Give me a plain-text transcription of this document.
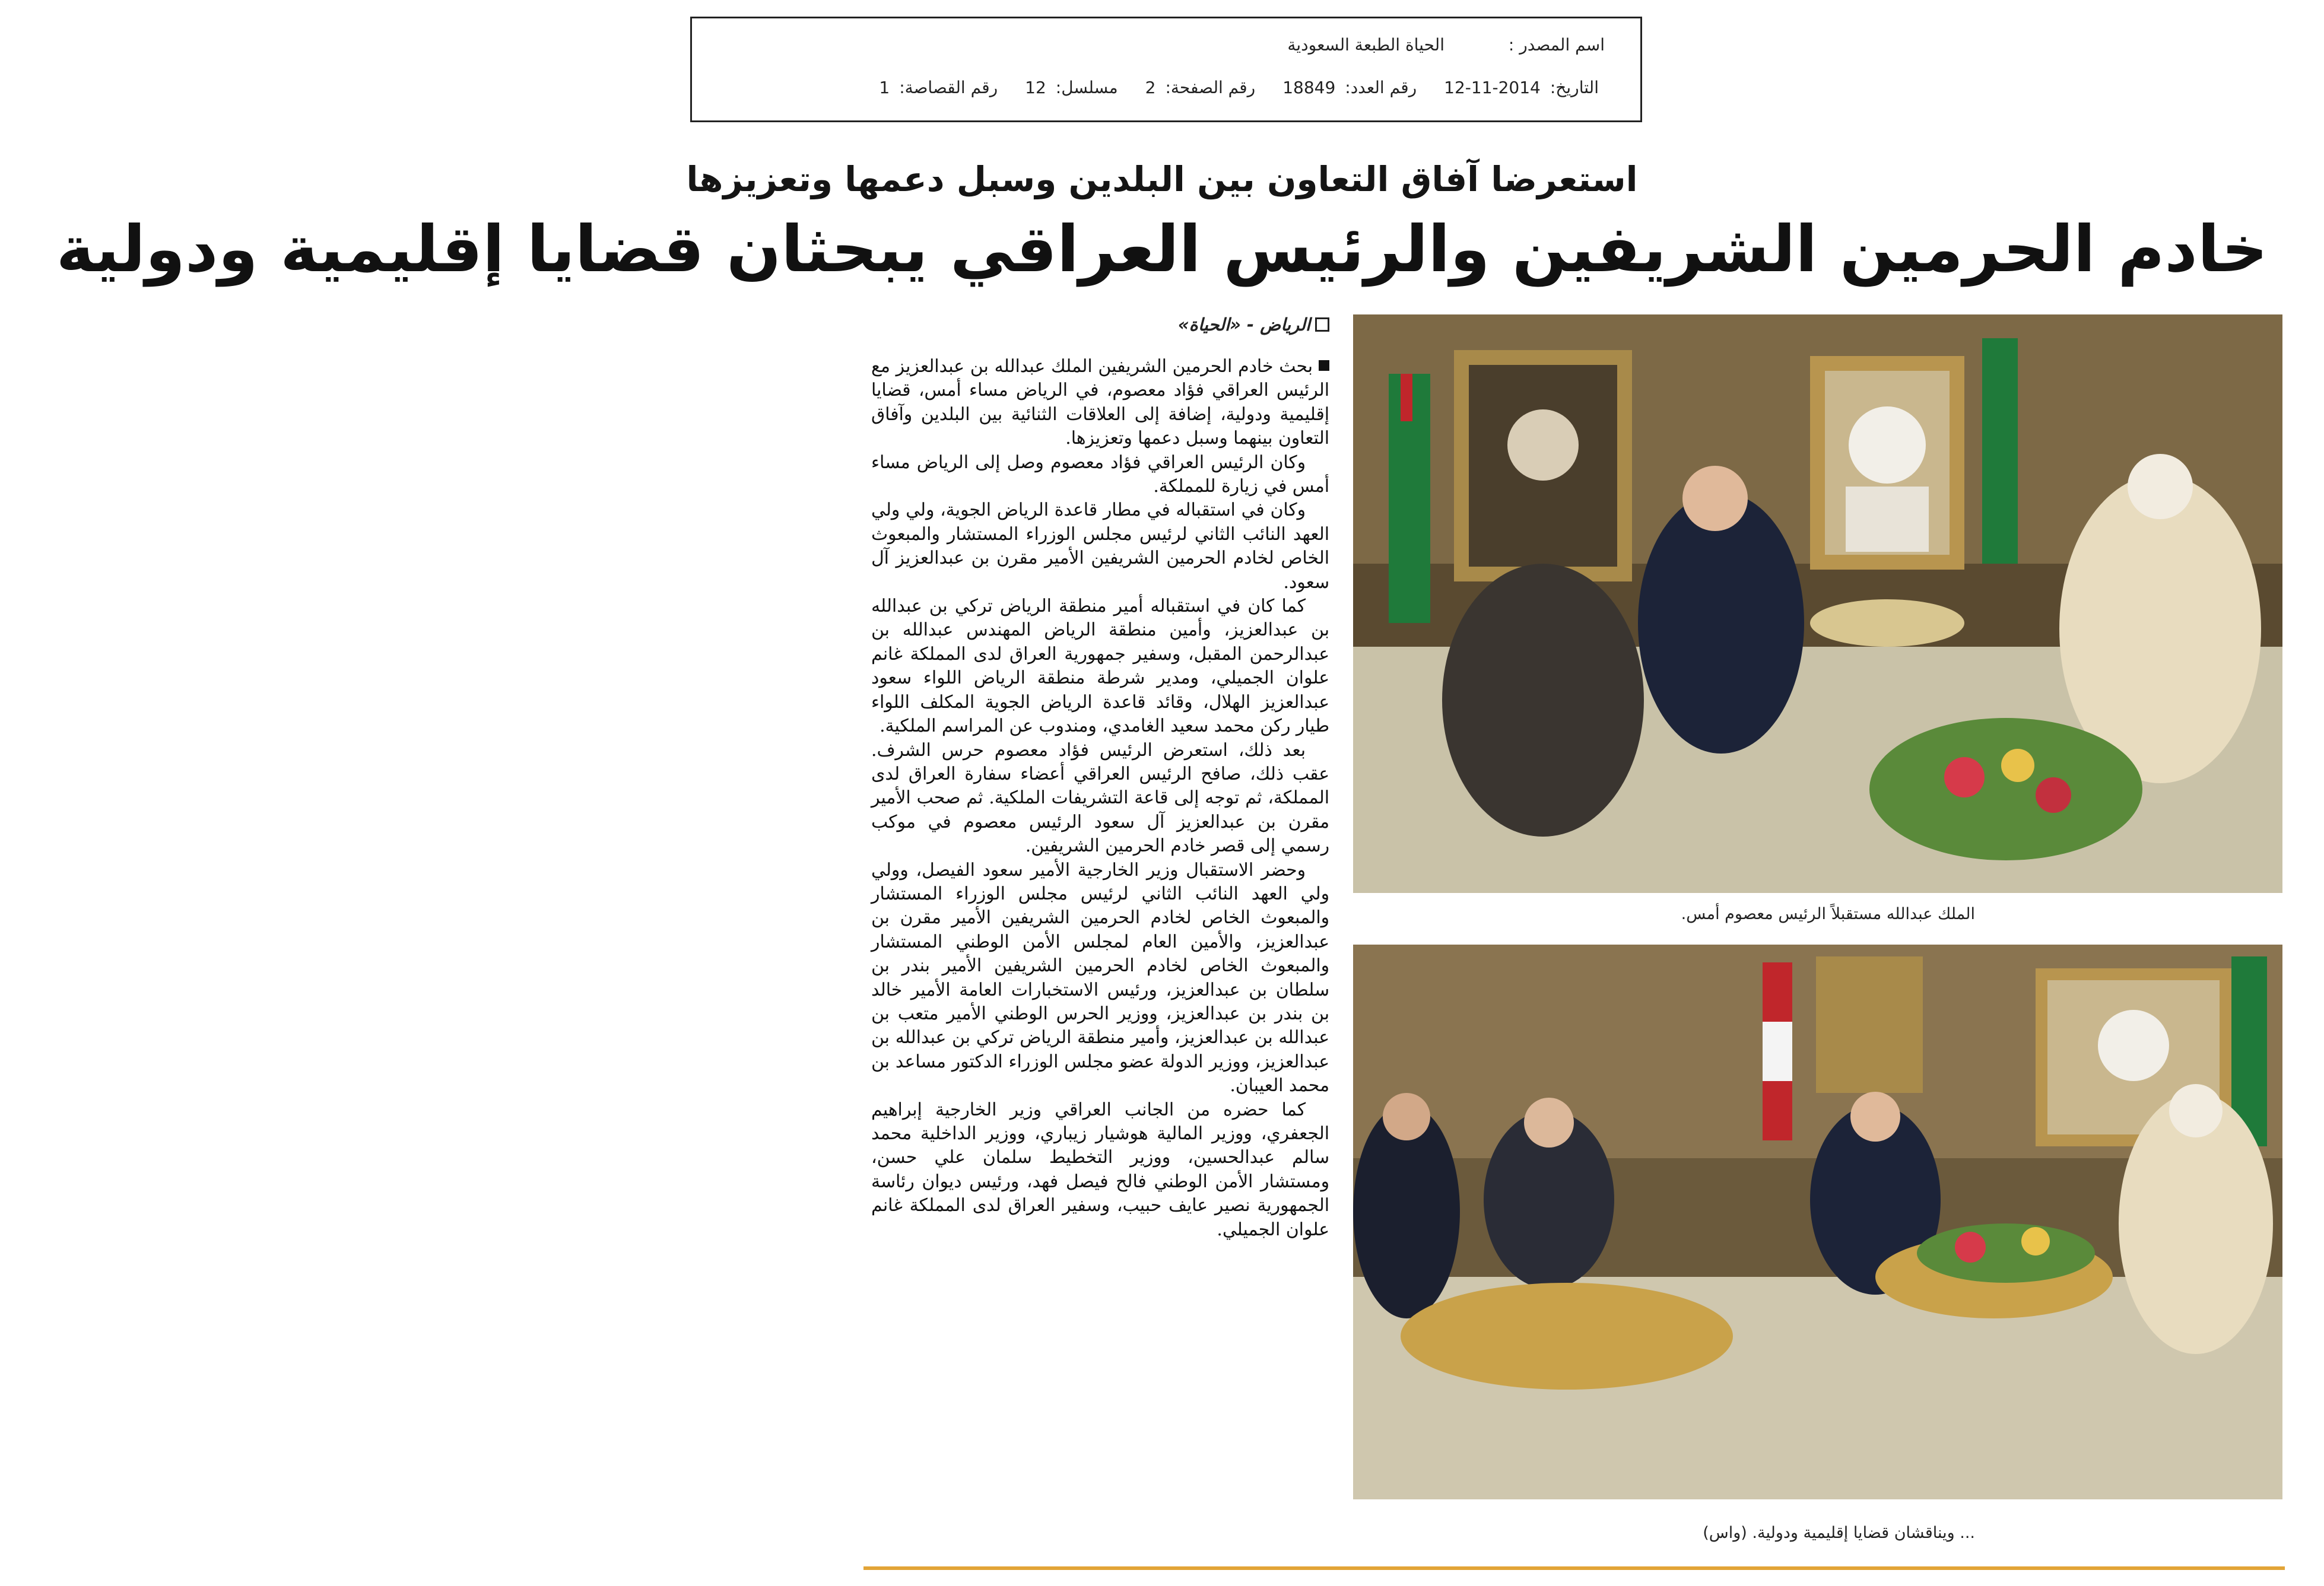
اسم المصدر :
الحياة الطبعة السعودية
التاريخ:
12-11-2014
رقم العدد:
18849
رقم الصفحة:
2
مسلسل:
12
رقم القصاصة:
1
استعرضا آفاق التعاون بين البلدين وسبل دعمها وتعزيزها
خادم الحرمين الشريفين والرئيس العراقي يبحثان قضايا إقليمية ودولية
الرياض - «الحياة»

بحث خادم الحرمين الشريفين الملك عبدالله بن عبدالعزيز مع الرئيس العراقي فؤاد معصوم، في الرياض مساء أمس، قضايا إقليمية ودولية، إضافة إلى العلاقات الثنائية بين البلدين وآفاق التعاون بينهما وسبل دعمها وتعزيزها.

وكان الرئيس العراقي فؤاد معصوم وصل إلى الرياض مساء أمس في زيارة للمملكة.

وكان في استقباله في مطار قاعدة الرياض الجوية، ولي ولي العهد النائب الثاني لرئيس مجلس الوزراء المستشار والمبعوث الخاص لخادم الحرمين الشريفين الأمير مقرن بن عبدالعزيز آل سعود.

كما كان في استقباله أمير منطقة الرياض تركي بن عبدالله بن عبدالعزيز، وأمين منطقة الرياض المهندس عبدالله بن عبدالرحمن المقبل، وسفير جمهورية العراق لدى المملكة غانم علوان الجميلي، ومدير شرطة منطقة الرياض اللواء سعود عبدالعزيز الهلال، وقائد قاعدة الرياض الجوية المكلف اللواء طيار ركن محمد سعيد الغامدي، ومندوب عن المراسم الملكية.

بعد ذلك، استعرض الرئيس فؤاد معصوم حرس الشرف. عقب ذلك، صافح الرئيس العراقي أعضاء سفارة العراق لدى المملكة، ثم توجه إلى قاعة التشريفات الملكية. ثم صحب الأمير مقرن بن عبدالعزيز آل سعود الرئيس معصوم في موكب رسمي إلى قصر خادم الحرمين الشريفين.

وحضر الاستقبال وزير الخارجية الأمير سعود الفيصل، وولي ولي العهد النائب الثاني لرئيس مجلس الوزراء المستشار والمبعوث الخاص لخادم الحرمين الشريفين الأمير مقرن بن عبدالعزيز، والأمين العام لمجلس الأمن الوطني المستشار والمبعوث الخاص لخادم الحرمين الشريفين الأمير بندر بن سلطان بن عبدالعزيز، ورئيس الاستخبارات العامة الأمير خالد بن بندر بن عبدالعزيز، ووزير الحرس الوطني الأمير متعب بن عبدالله بن عبدالعزيز، وأمير منطقة الرياض تركي بن عبدالله بن عبدالعزيز، ووزير الدولة عضو مجلس الوزراء الدكتور مساعد بن محمد العيبان.

كما حضره من الجانب العراقي وزير الخارجية إبراهيم الجعفري، ووزير المالية هوشيار زيباري، ووزير الداخلية محمد سالم عبدالحسين، ووزير التخطيط سلمان علي حسن، ومستشار الأمن الوطني فالح فيصل فهد، ورئيس ديوان رئاسة الجمهورية نصير عايف حبيب، وسفير العراق لدى المملكة غانم علوان الجميلي.

الملك عبدالله مستقبلاً الرئيس معصوم أمس.
... ويناقشان قضايا إقليمية ودولية. (واس)
